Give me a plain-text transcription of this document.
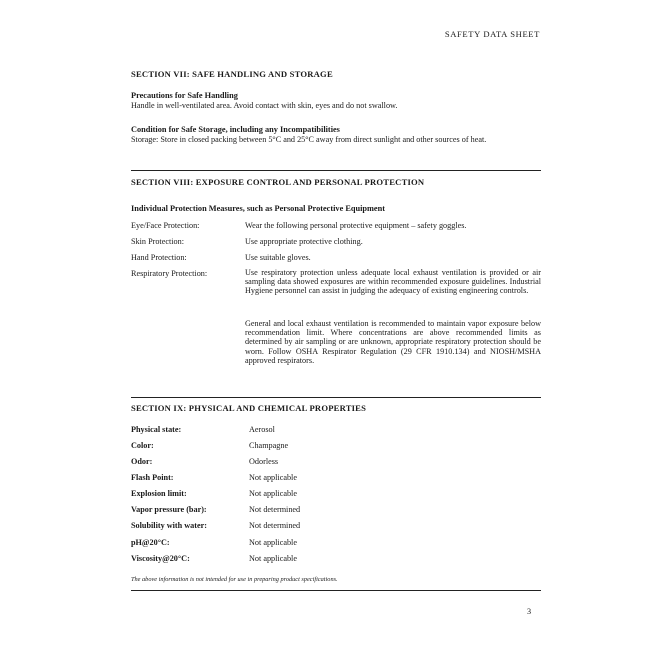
SAFETY DATA SHEET
SECTION VII: SAFE HANDLING AND STORAGE
Precautions for Safe Handling
Handle in well-ventilated area. Avoid contact with skin, eyes and do not swallow.
Condition for Safe Storage, including any Incompatibilities
Storage: Store in closed packing between 5°C and 25°C away from direct sunlight and other sources of heat.
SECTION VIII: EXPOSURE CONTROL AND PERSONAL PROTECTION
Individual Protection Measures, such as Personal Protective Equipment
Eye/Face Protection:	Wear the following personal protective equipment – safety goggles.
Skin Protection:	Use appropriate protective clothing.
Hand Protection:	Use suitable gloves.
Respiratory Protection:	Use respiratory protection unless adequate local exhaust ventilation is provided or air sampling data showed exposures are within recommended exposure guidelines. Industrial Hygiene personnel can assist in judging the adequacy of existing engineering controls.
General and local exhaust ventilation is recommended to maintain vapor exposure below recommendation limit. Where concentrations are above recommended limits as determined by air sampling or are unknown, appropriate respiratory protection should be worn. Follow OSHA Respirator Regulation (29 CFR 1910.134) and NIOSH/MSHA approved respirators.
SECTION IX: PHYSICAL AND CHEMICAL PROPERTIES
Physical state:	Aerosol
Color:	Champagne
Odor:	Odorless
Flash Point:	Not applicable
Explosion limit:	Not applicable
Vapor pressure (bar):	Not determined
Solubility with water:	Not determined
pH@20°C:	Not applicable
Viscosity@20°C:	Not applicable
The above information is not intended for use in preparing product specifications.
3
